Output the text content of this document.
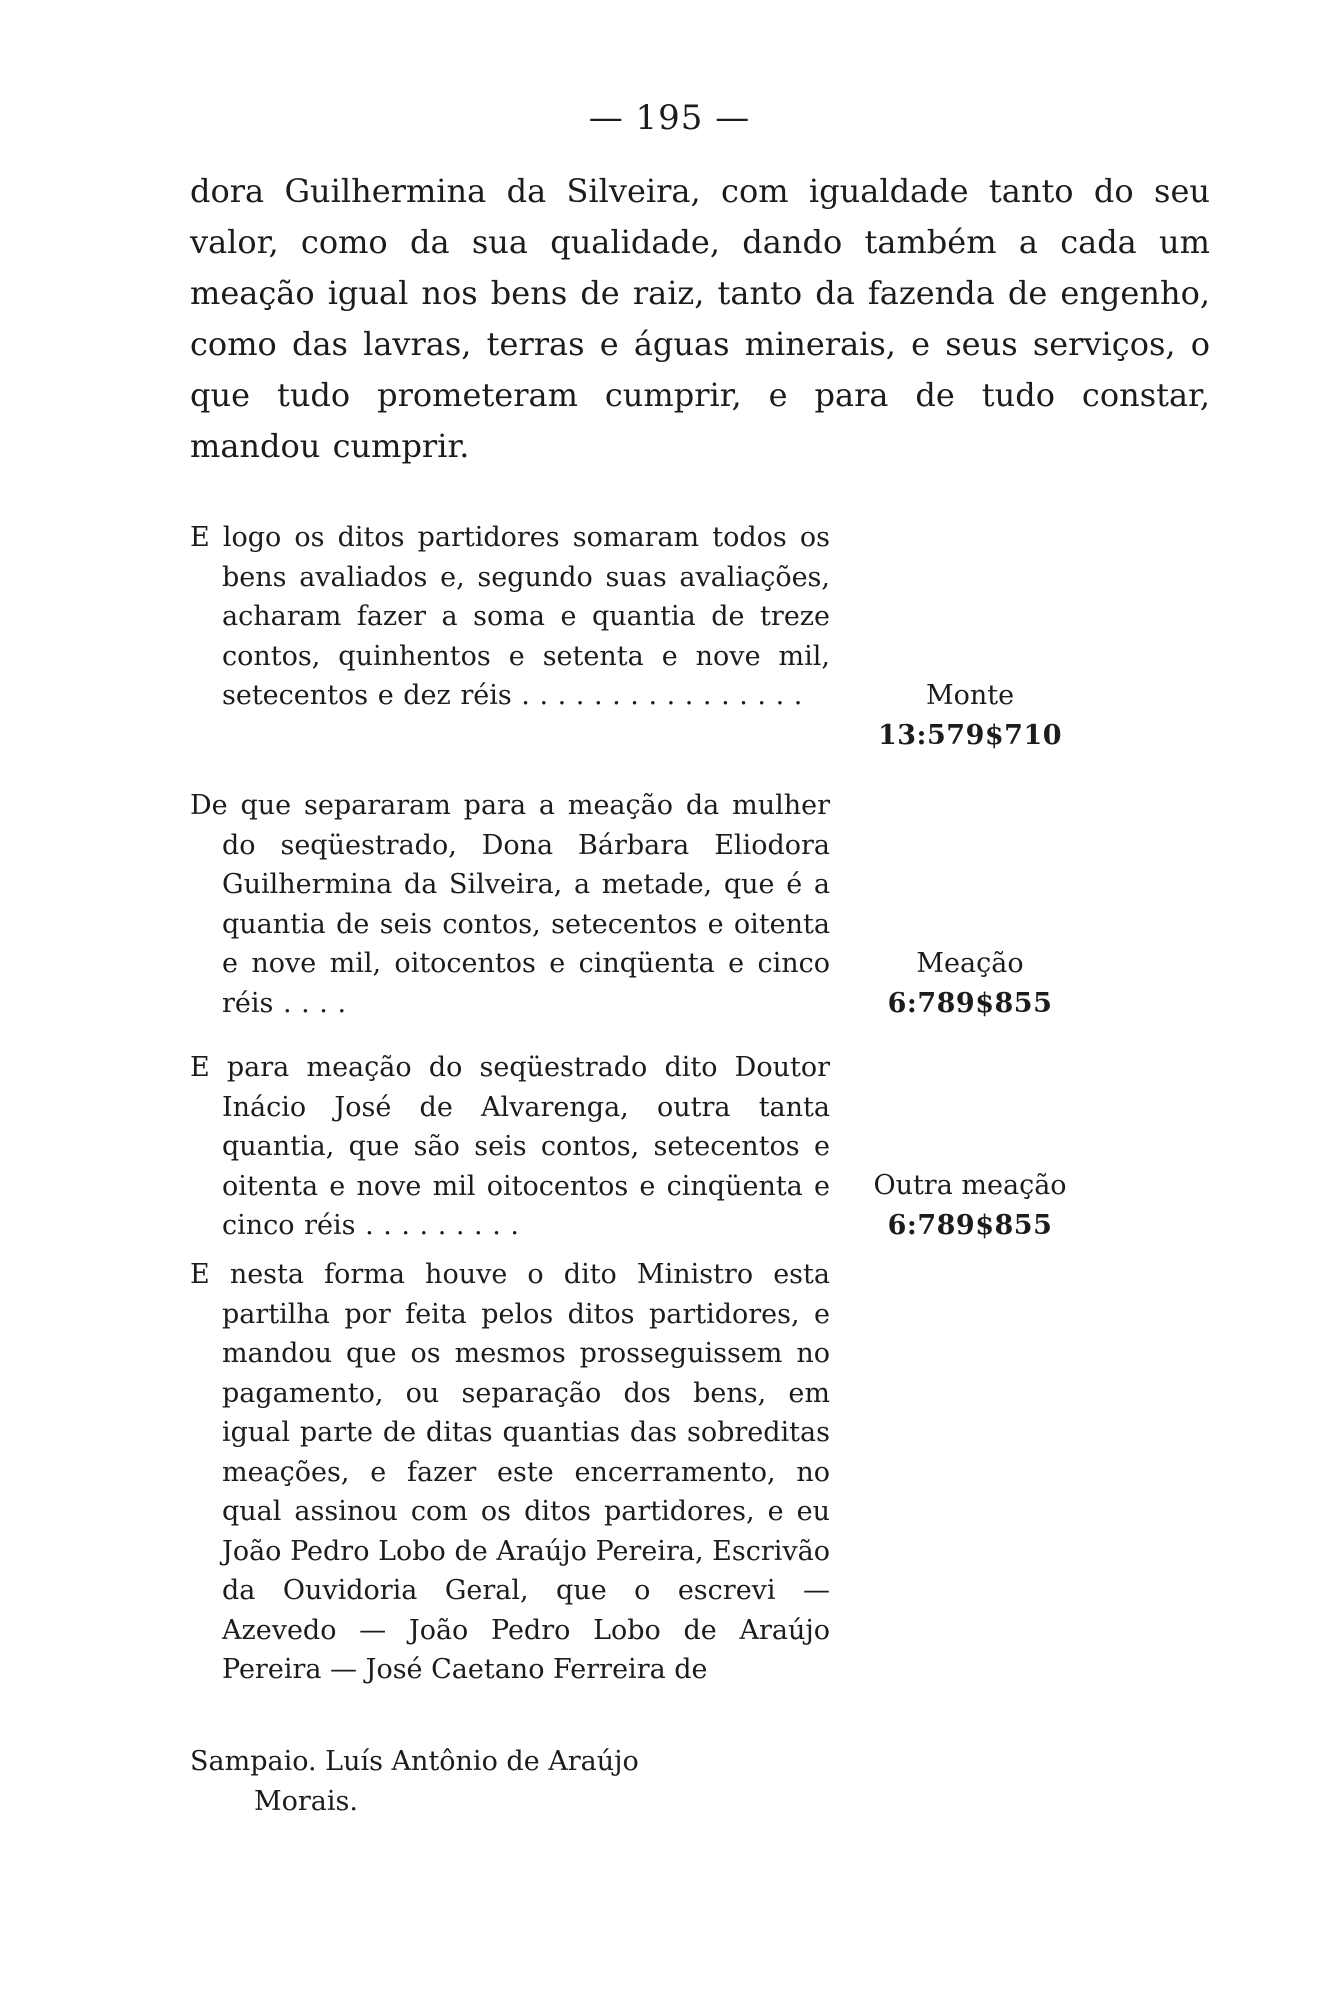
— 195 —
dora Guilhermina da Silveira, com igualdade tanto do seu valor, como da sua qualidade, dando também a cada um meação igual nos bens de raiz, tanto da fazenda de engenho, como das lavras, terras e águas minerais, e seus serviços, o que tudo prometeram cumprir, e para de tudo constar, mandou cumprir.
E logo os ditos partidores somaram todos os bens avaliados e, segundo suas avaliações, acharam fazer a soma e quantia de treze contos, quinhentos e setenta e nove mil, setecentos e dez réis . . . . . . . . . . . . . . . .	Monte
13:579$710
De que separaram para a meação da mulher do seqüestrado, Dona Bárbara Eliodora Guilhermina da Silveira, a metade, que é a quantia de seis contos, setecentos e oitenta e nove mil, oitocentos e cinqüenta e cinco réis . . . .
Meação
6:789$855
E para meação do seqüestrado dito Doutor Inácio José de Alvarenga, outra tanta quantia, que são seis contos, setecentos e oitenta e nove mil oitocentos e cinqüenta e cinco réis . . . . . . . . .
Outra meação
6:789$855
E nesta forma houve o dito Ministro esta partilha por feita pelos ditos partidores, e mandou que os mesmos prosseguissem no pagamento, ou separação dos bens, em igual parte de ditas quantias das sobreditas meações, e fazer este encerramento, no qual assinou com os ditos partidores, e eu João Pedro Lobo de Araújo Pereira, Escrivão da Ouvidoria Geral, que o escrevi — Azevedo — João Pedro Lobo de Araújo Pereira — José Caetano Ferreira de
Sampaio. Luís Antônio de Araújo
Morais.
